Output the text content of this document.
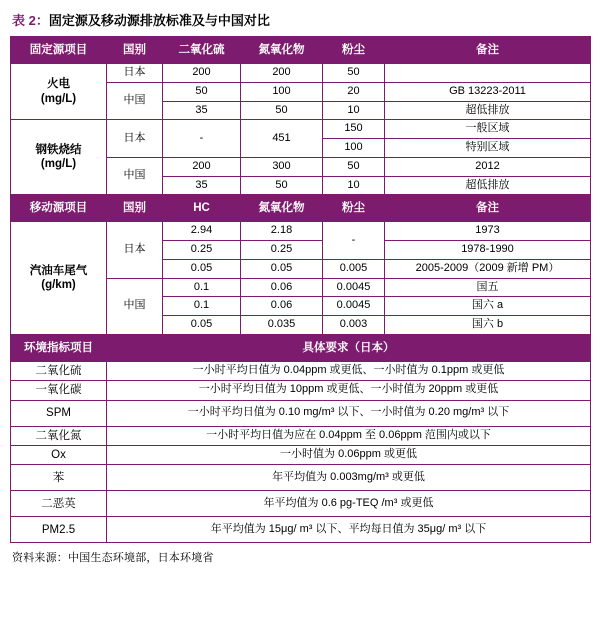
表 2：固定源及移动源排放标准及与中国对比
固定源项目	国别	二氧化硫	氮氧化物	粉尘	备注

火电
(mg/L)	日本	200	200	50	
	中国	50	100	20	GB 13223-2011
		35	50	10	超低排放

钢铁烧结
(mg/L)	日本	-	451	150	一般区域
				100	特别区域
	中国	200	300	50	2012
		35	50	10	超低排放
移动源项目	国别	HC	氮氧化物	粉尘	备注

汽油车尾气
(g/km)	日本	2.94	2.18	-	1973
		0.25	0.25		1978-1990
		0.05	0.05	0.005	2005-2009（2009 新增 PM）
	中国	0.1	0.06	0.0045	国五
		0.1	0.06	0.0045	国六 a
		0.05	0.035	0.003	国六 b
环境指标项目	具体要求（日本）				
二氧化硫	一小时平均日值为 0.04ppm 或更低、一小时值为 0.1ppm 或更低				
一氧化碳	一小时平均日值为 10ppm 或更低、一小时值为 20ppm 或更低				
SPM	一小时平均日值为 0.10 mg/m³ 以下、一小时值为 0.20 mg/m³ 以下				
二氧化氮	一小时平均日值为应在 0.04ppm 至 0.06ppm 范围内或以下				
Ox	一小时值为 0.06ppm 或更低				
苯	年平均值为 0.003mg/m³ 或更低				
二恶英	年平均值为 0.6 pg-TEQ /m³ 或更低				
PM2.5	年平均值为 15μg/ m³ 以下、平均每日值为 35μg/ m³ 以下				
资料来源：中国生态环境部，日本环境省
